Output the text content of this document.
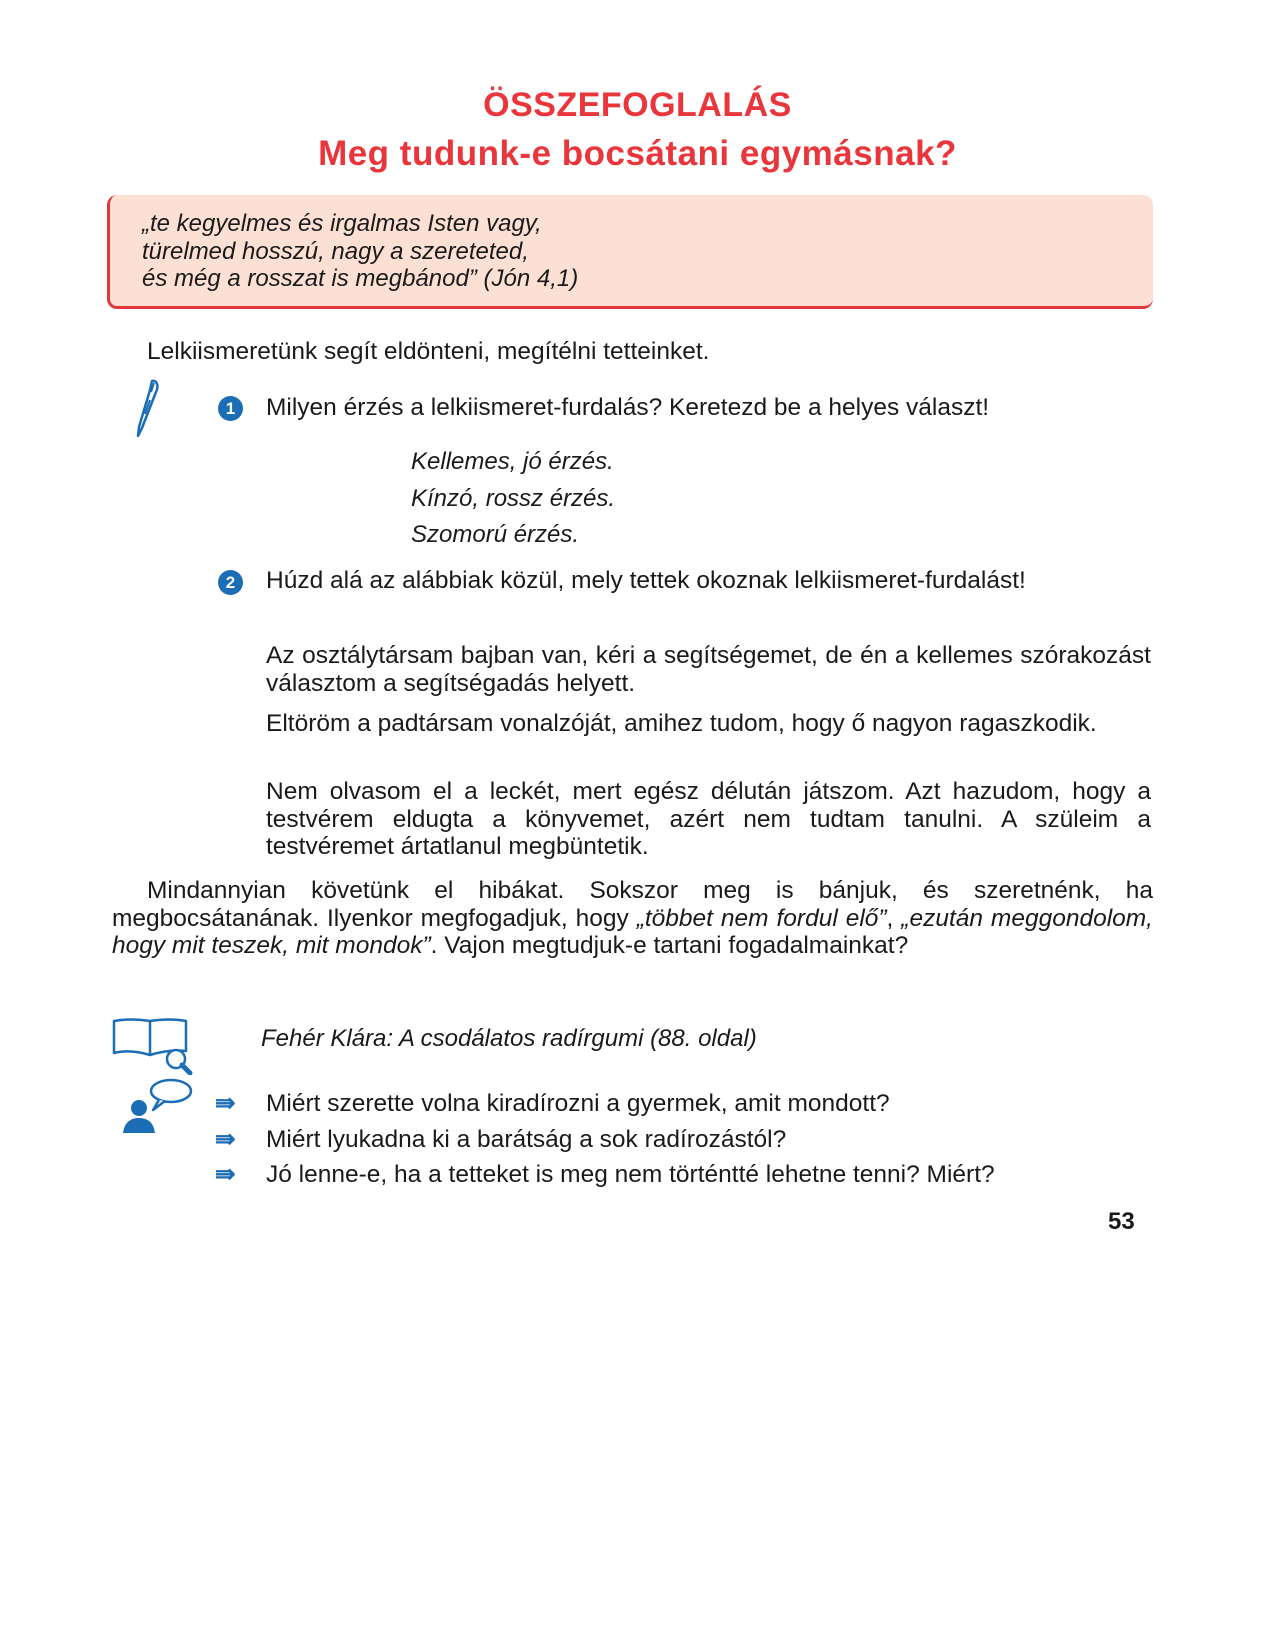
ÖSSZEFOGLALÁS
Meg tudunk-e bocsátani egymásnak?
„te kegyelmes és irgalmas Isten vagy,
türelmed hosszú, nagy a szereteted,
és még a rosszat is megbánod” (Jón 4,1)
Lelkiismeretünk segít eldönteni, megítélni tetteinket.
1	Milyen érzés a lelkiismeret-furdalás? Keretezd be a helyes választ!
Kellemes, jó érzés.
Kínzó, rossz érzés.
Szomorú érzés.
2	Húzd alá az alábbiak közül, mely tettek okoznak lelkiismeret-furdalást!
Az osztálytársam bajban van, kéri a segítségemet, de én a kellemes szórakozást választom a segítségadás helyett.
Eltöröm a padtársam vonalzóját, amihez tudom, hogy ő nagyon ragaszkodik.
Nem olvasom el a leckét, mert egész délután játszom. Azt hazudom, hogy a testvérem eldugta a könyvemet, azért nem tudtam tanulni. A szüleim a testvéremet ártatlanul megbüntetik.
Mindannyian követünk el hibákat. Sokszor meg is bánjuk, és szeretnénk, ha megbocsátanának. Ilyenkor megfogadjuk, hogy „többet nem fordul elő”, „ezután meggondolom, hogy mit teszek, mit mondok”. Vajon megtudjuk-e tartani fogadalmainkat?
Fehér Klára: A csodálatos radírgumi (88. oldal)
⇛ Miért szerette volna kiradírozni a gyermek, amit mondott?
⇛ Miért lyukadna ki a barátság a sok radírozástól?
⇛ Jó lenne-e, ha a tetteket is meg nem történtté lehetne tenni? Miért?
53
